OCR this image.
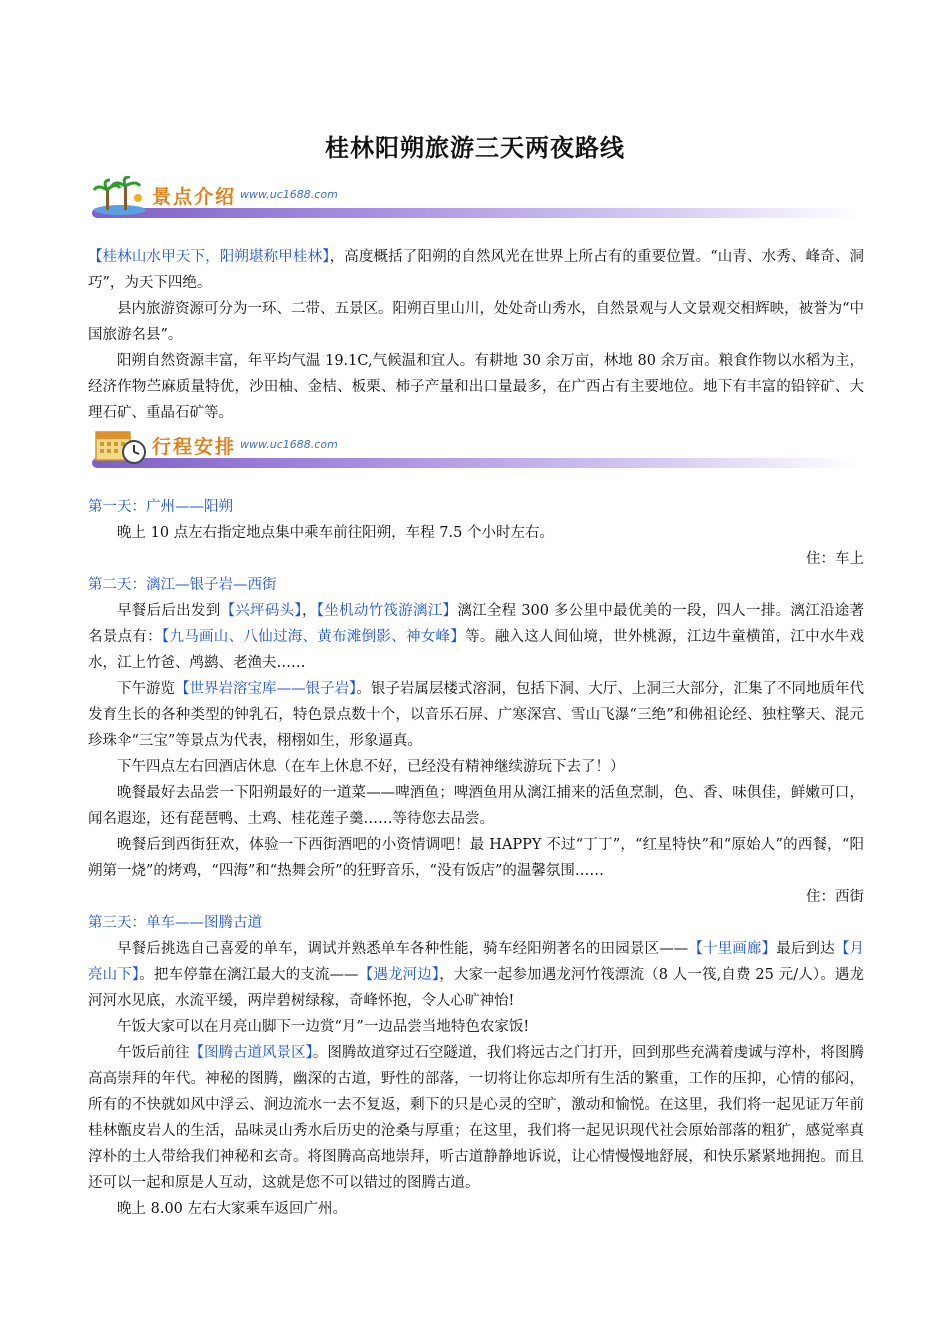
桂林阳朔旅游三天两夜路线
景点介绍 www.uc1688.com

【桂林山水甲天下，阳朔堪称甲桂林】，高度概括了阳朔的自然风光在世界上所占有的重要位置。“山青、水秀、峰奇、洞巧”，为天下四绝。

县内旅游资源可分为一环、二带、五景区。阳朔百里山川，处处奇山秀水，自然景观与人文景观交相辉映，被誉为“中国旅游名县”。

阳朔自然资源丰富，年平均气温 19.1C,气候温和宜人。有耕地 30 余万亩，林地 80 余万亩。粮食作物以水稻为主，经济作物苎麻质量特优，沙田柚、金桔、板栗、柿子产量和出口量最多，在广西占有主要地位。地下有丰富的铅锌矿、大理石矿、重晶石矿等。

行程安排 www.uc1688.com

第一天：广州——阳朔

晚上 10 点左右指定地点集中乘车前往阳朔，车程 7.5 个小时左右。

住：车上

第二天：漓江—银子岩—西街

早餐后后出发到【兴坪码头】，【坐机动竹筏游漓江】漓江全程 300 多公里中最优美的一段，四人一排。漓江沿途著名景点有：【九马画山、八仙过海、黄布滩倒影、神女峰】等。融入这人间仙境，世外桃源，江边牛童横笛，江中水牛戏水，江上竹爸、鸬鹚、老渔夫……

下午游览【世界岩溶宝库——银子岩】。银子岩属层楼式溶洞，包括下洞、大厅、上洞三大部分，汇集了不同地质年代发育生长的各种类型的钟乳石，特色景点数十个，以音乐石屏、广寒深宫、雪山飞瀑“三绝”和佛祖论经、独柱擎天、混元珍珠伞“三宝”等景点为代表，栩栩如生，形象逼真。

下午四点左右回酒店休息（在车上休息不好，已经没有精神继续游玩下去了！）

晚餐最好去品尝一下阳朔最好的一道菜——啤酒鱼；啤酒鱼用从漓江捕来的活鱼烹制，色、香、味俱佳，鲜嫩可口，闻名遐迩，还有琵琶鸭、土鸡、桂花莲子羹……等待您去品尝。

晚餐后到西街狂欢，体验一下西街酒吧的小资情调吧！最 HAPPY 不过“丁丁”，“红星特快”和“原始人”的西餐，“阳朔第一烧”的烤鸡，“四海”和“热舞会所”的狂野音乐，“没有饭店”的温馨氛围……

住：西街

第三天：单车——图腾古道

早餐后挑选自己喜爱的单车，调试并熟悉单车各种性能，骑车经阳朔著名的田园景区——【十里画廊】最后到达【月亮山下】。把车停靠在漓江最大的支流——【遇龙河边】，大家一起参加遇龙河竹筏漂流（8 人一筏,自费 25 元/人）。遇龙河河水见底，水流平缓，两岸碧树绿稼，奇峰怀抱，令人心旷神怡!

午饭大家可以在月亮山脚下一边赏“月”一边品尝当地特色农家饭!

午饭后前往【图腾古道风景区】。图腾故道穿过石空隧道，我们将远古之门打开，回到那些充满着虔诚与淳朴，将图腾高高崇拜的年代。神秘的图腾，幽深的古道，野性的部落，一切将让你忘却所有生活的繁重，工作的压抑，心情的郁闷，所有的不快就如风中浮云、涧边流水一去不复返，剩下的只是心灵的空旷，激动和愉悦。在这里，我们将一起见证万年前桂林甑皮岩人的生活，品味灵山秀水后历史的沧桑与厚重；在这里，我们将一起见识现代社会原始部落的粗犷，感觉率真淳朴的土人带给我们神秘和玄奇。将图腾高高地崇拜，听古道静静地诉说，让心情慢慢地舒展，和快乐紧紧地拥抱。而且还可以一起和原是人互动，这就是您不可以错过的图腾古道。

晚上 8.00 左右大家乘车返回广州。
